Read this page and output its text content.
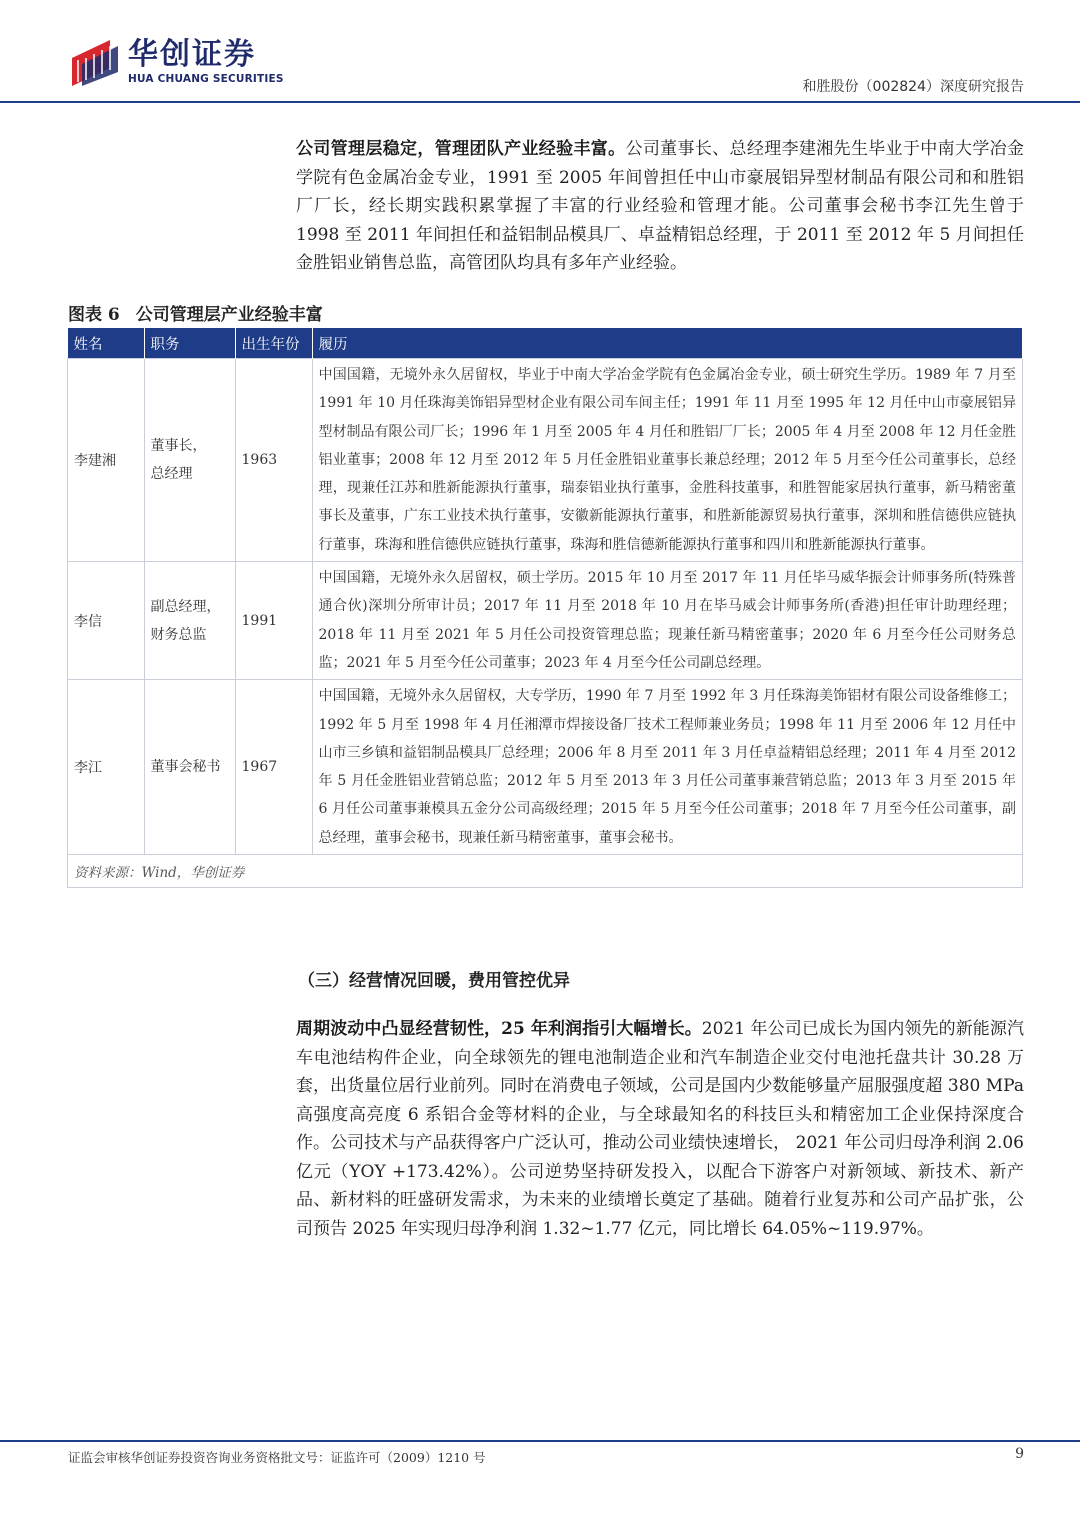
华创证券
HUA CHUANG SECURITIES	和胜股份（002824）深度研究报告
公司管理层稳定，管理团队产业经验丰富。公司董事长、总经理李建湘先生毕业于中南大学冶金学院有色金属冶金专业，1991 至 2005 年间曾担任中山市豪展铝异型材制品有限公司和和胜铝厂厂长，经长期实践积累掌握了丰富的行业经验和管理才能。公司董事会秘书李江先生曾于 1998 至 2011 年间担任和益铝制品模具厂、卓益精铝总经理，于 2011 至 2012 年 5 月间担任金胜铝业销售总监，高管团队均具有多年产业经验。
图表 6 公司管理层产业经验丰富
姓名	职务	出生年份	履历
李建湘	董事长，
总经理	1963	中国国籍，无境外永久居留权，毕业于中南大学冶金学院有色金属冶金专业，硕士研究生学历。1989 年 7 月至 1991 年 10 月任珠海美饰铝异型材企业有限公司车间主任；1991 年 11 月至 1995 年 12 月任中山市豪展铝异型材制品有限公司厂长；1996 年 1 月至 2005 年 4 月任和胜铝厂厂长；2005 年 4 月至 2008 年 12 月任金胜铝业董事；2008 年 12 月至 2012 年 5 月任金胜铝业董事长兼总经理；2012 年 5 月至今任公司董事长，总经理，现兼任江苏和胜新能源执行董事，瑞泰铝业执行董事，金胜科技董事，和胜智能家居执行董事，新马精密董事长及董事，广东工业技术执行董事，安徽新能源执行董事，和胜新能源贸易执行董事，深圳和胜信德供应链执行董事，珠海和胜信德供应链执行董事，珠海和胜信德新能源执行董事和四川和胜新能源执行董事。
李信	副总经理，
财务总监	1991	中国国籍，无境外永久居留权，硕士学历。2015 年 10 月至 2017 年 11 月任毕马威华振会计师事务所(特殊普通合伙)深圳分所审计员；2017 年 11 月至 2018 年 10 月在毕马威会计师事务所(香港)担任审计助理经理；2018 年 11 月至 2021 年 5 月任公司投资管理总监；现兼任新马精密董事；2020 年 6 月至今任公司财务总监；2021 年 5 月至今任公司董事；2023 年 4 月至今任公司副总经理。
李江	董事会秘书	1967	中国国籍，无境外永久居留权，大专学历，1990 年 7 月至 1992 年 3 月任珠海美饰铝材有限公司设备维修工；1992 年 5 月至 1998 年 4 月任湘潭市焊接设备厂技术工程师兼业务员；1998 年 11 月至 2006 年 12 月任中山市三乡镇和益铝制品模具厂总经理；2006 年 8 月至 2011 年 3 月任卓益精铝总经理；2011 年 4 月至 2012 年 5 月任金胜铝业营销总监；2012 年 5 月至 2013 年 3 月任公司董事兼营销总监；2013 年 3 月至 2015 年 6 月任公司董事兼模具五金分公司高级经理；2015 年 5 月至今任公司董事；2018 年 7 月至今任公司董事，副总经理，董事会秘书，现兼任新马精密董事，董事会秘书。
资料来源：Wind，华创证券			
（三）经营情况回暖，费用管控优异
周期波动中凸显经营韧性，25 年利润指引大幅增长。2021 年公司已成长为国内领先的新能源汽车电池结构件企业，向全球领先的锂电池制造企业和汽车制造企业交付电池托盘共计 30.28 万套，出货量位居行业前列。同时在消费电子领域，公司是国内少数能够量产屈服强度超 380 MPa 高强度高亮度 6 系铝合金等材料的企业，与全球最知名的科技巨头和精密加工企业保持深度合作。公司技术与产品获得客户广泛认可，推动公司业绩快速增长， 2021 年公司归母净利润 2.06 亿元（YOY +173.42%）。公司逆势坚持研发投入，以配合下游客户对新领域、新技术、新产品、新材料的旺盛研发需求，为未来的业绩增长奠定了基础。随着行业复苏和公司产品扩张，公司预告 2025 年实现归母净利润 1.32~1.77 亿元，同比增长 64.05%~119.97%。
证监会审核华创证券投资咨询业务资格批文号：证监许可（2009）1210 号	9
